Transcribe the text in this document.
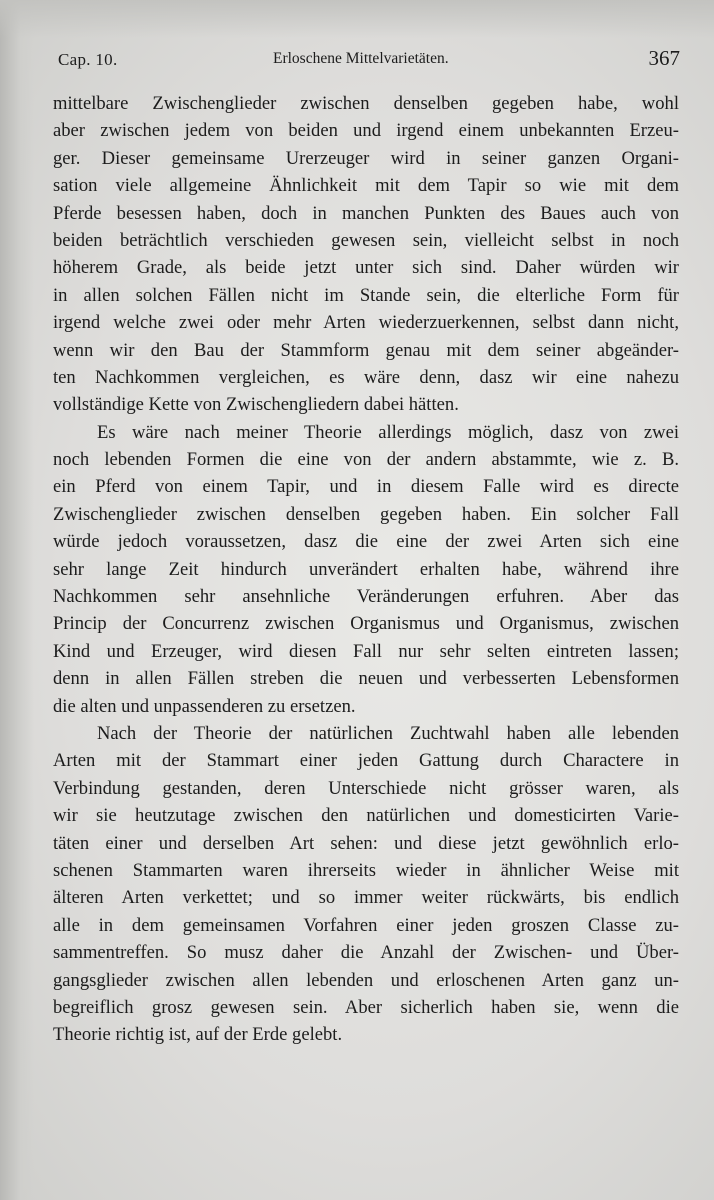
Cap. 10.	Erloschene Mittelvarietäten.	367
mittelbare Zwischenglieder zwischen denselben gegeben habe, wohl
aber zwischen jedem von beiden und irgend einem unbekannten Erzeu-
ger. Dieser gemeinsame Urerzeuger wird in seiner ganzen Organi-
sation viele allgemeine Ähnlichkeit mit dem Tapir so wie mit dem
Pferde besessen haben, doch in manchen Punkten des Baues auch von
beiden beträchtlich verschieden gewesen sein, vielleicht selbst in noch
höherem Grade, als beide jetzt unter sich sind. Daher würden wir
in allen solchen Fällen nicht im Stande sein, die elterliche Form für
irgend welche zwei oder mehr Arten wiederzuerkennen, selbst dann nicht,
wenn wir den Bau der Stammform genau mit dem seiner abgeänder-
ten Nachkommen vergleichen, es wäre denn, dasz wir eine nahezu
vollständige Kette von Zwischengliedern dabei hätten.
Es wäre nach meiner Theorie allerdings möglich, dasz von zwei
noch lebenden Formen die eine von der andern abstammte, wie z. B.
ein Pferd von einem Tapir, und in diesem Falle wird es directe
Zwischenglieder zwischen denselben gegeben haben. Ein solcher Fall
würde jedoch voraussetzen, dasz die eine der zwei Arten sich eine
sehr lange Zeit hindurch unverändert erhalten habe, während ihre
Nachkommen sehr ansehnliche Veränderungen erfuhren. Aber das
Princip der Concurrenz zwischen Organismus und Organismus, zwischen
Kind und Erzeuger, wird diesen Fall nur sehr selten eintreten lassen;
denn in allen Fällen streben die neuen und verbesserten Lebensformen
die alten und unpassenderen zu ersetzen.
Nach der Theorie der natürlichen Zuchtwahl haben alle lebenden
Arten mit der Stammart einer jeden Gattung durch Charactere in
Verbindung gestanden, deren Unterschiede nicht grösser waren, als
wir sie heutzutage zwischen den natürlichen und domesticirten Varie-
täten einer und derselben Art sehen: und diese jetzt gewöhnlich erlo-
schenen Stammarten waren ihrerseits wieder in ähnlicher Weise mit
älteren Arten verkettet; und so immer weiter rückwärts, bis endlich
alle in dem gemeinsamen Vorfahren einer jeden groszen Classe zu-
sammentreffen. So musz daher die Anzahl der Zwischen- und Über-
gangsglieder zwischen allen lebenden und erloschenen Arten ganz un-
begreiflich grosz gewesen sein. Aber sicherlich haben sie, wenn die
Theorie richtig ist, auf der Erde gelebt.
